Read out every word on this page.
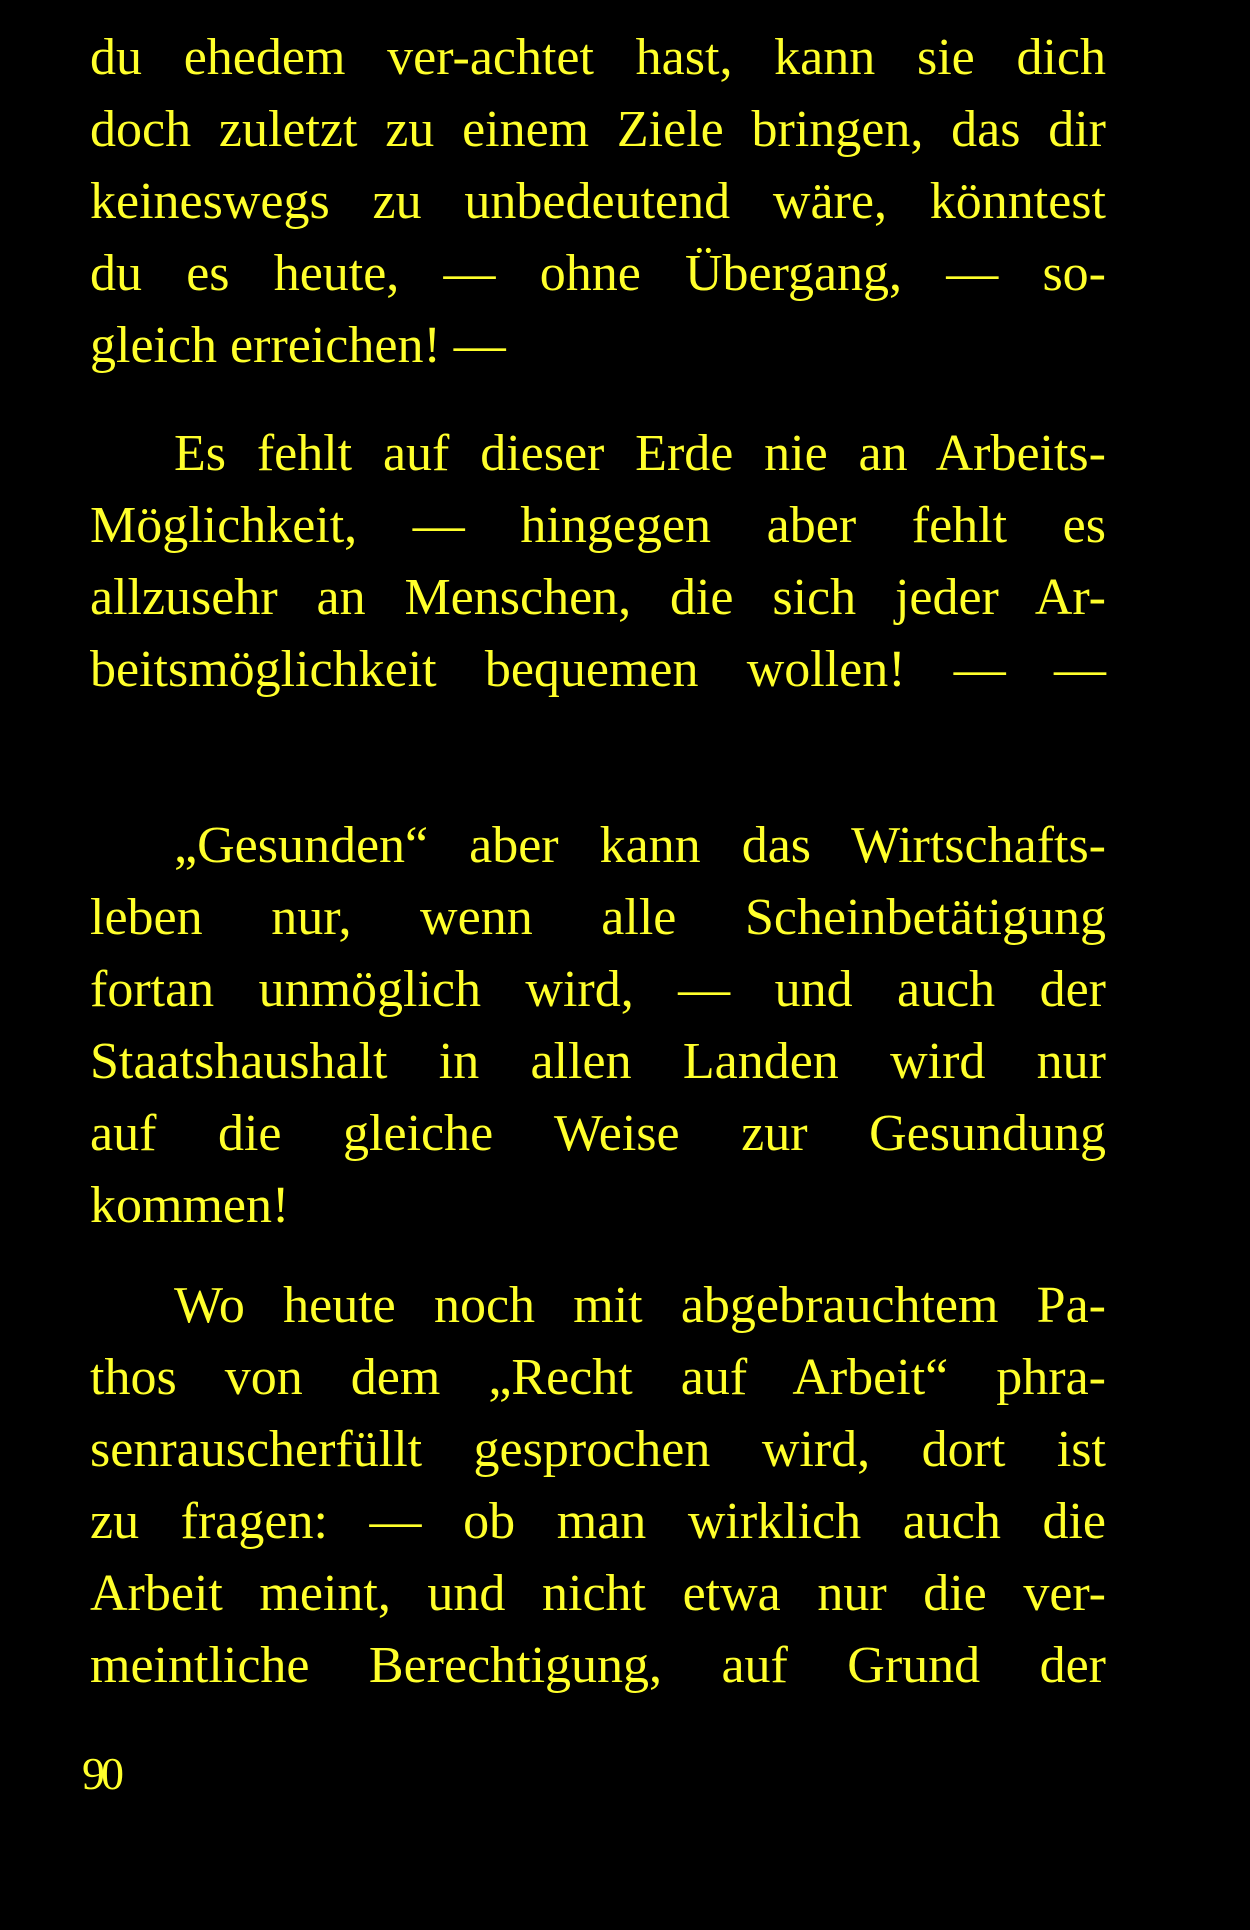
du ehedem ver-achtet hast, kann sie dich
doch zuletzt zu einem Ziele bringen, das dir
keineswegs zu unbedeutend wäre, könntest
du es heute, — ohne Übergang, — so-
gleich erreichen! —
Es fehlt auf dieser Erde nie an Arbeits-
Möglichkeit, — hingegen aber fehlt es
allzusehr an Menschen, die sich jeder Ar-
beitsmöglichkeit bequemen wollen! — —
„Gesunden“ aber kann das Wirtschafts-
leben nur, wenn alle Scheinbetätigung
fortan unmöglich wird, — und auch der
Staatshaushalt in allen Landen wird nur
auf die gleiche Weise zur Gesundung
kommen!
Wo heute noch mit abgebrauchtem Pa-
thos von dem „Recht auf Arbeit“ phra-
senrauscherfüllt gesprochen wird, dort ist
zu fragen: — ob man wirklich auch die
Arbeit meint, und nicht etwa nur die ver-
meintliche Berechtigung, auf Grund der
90
